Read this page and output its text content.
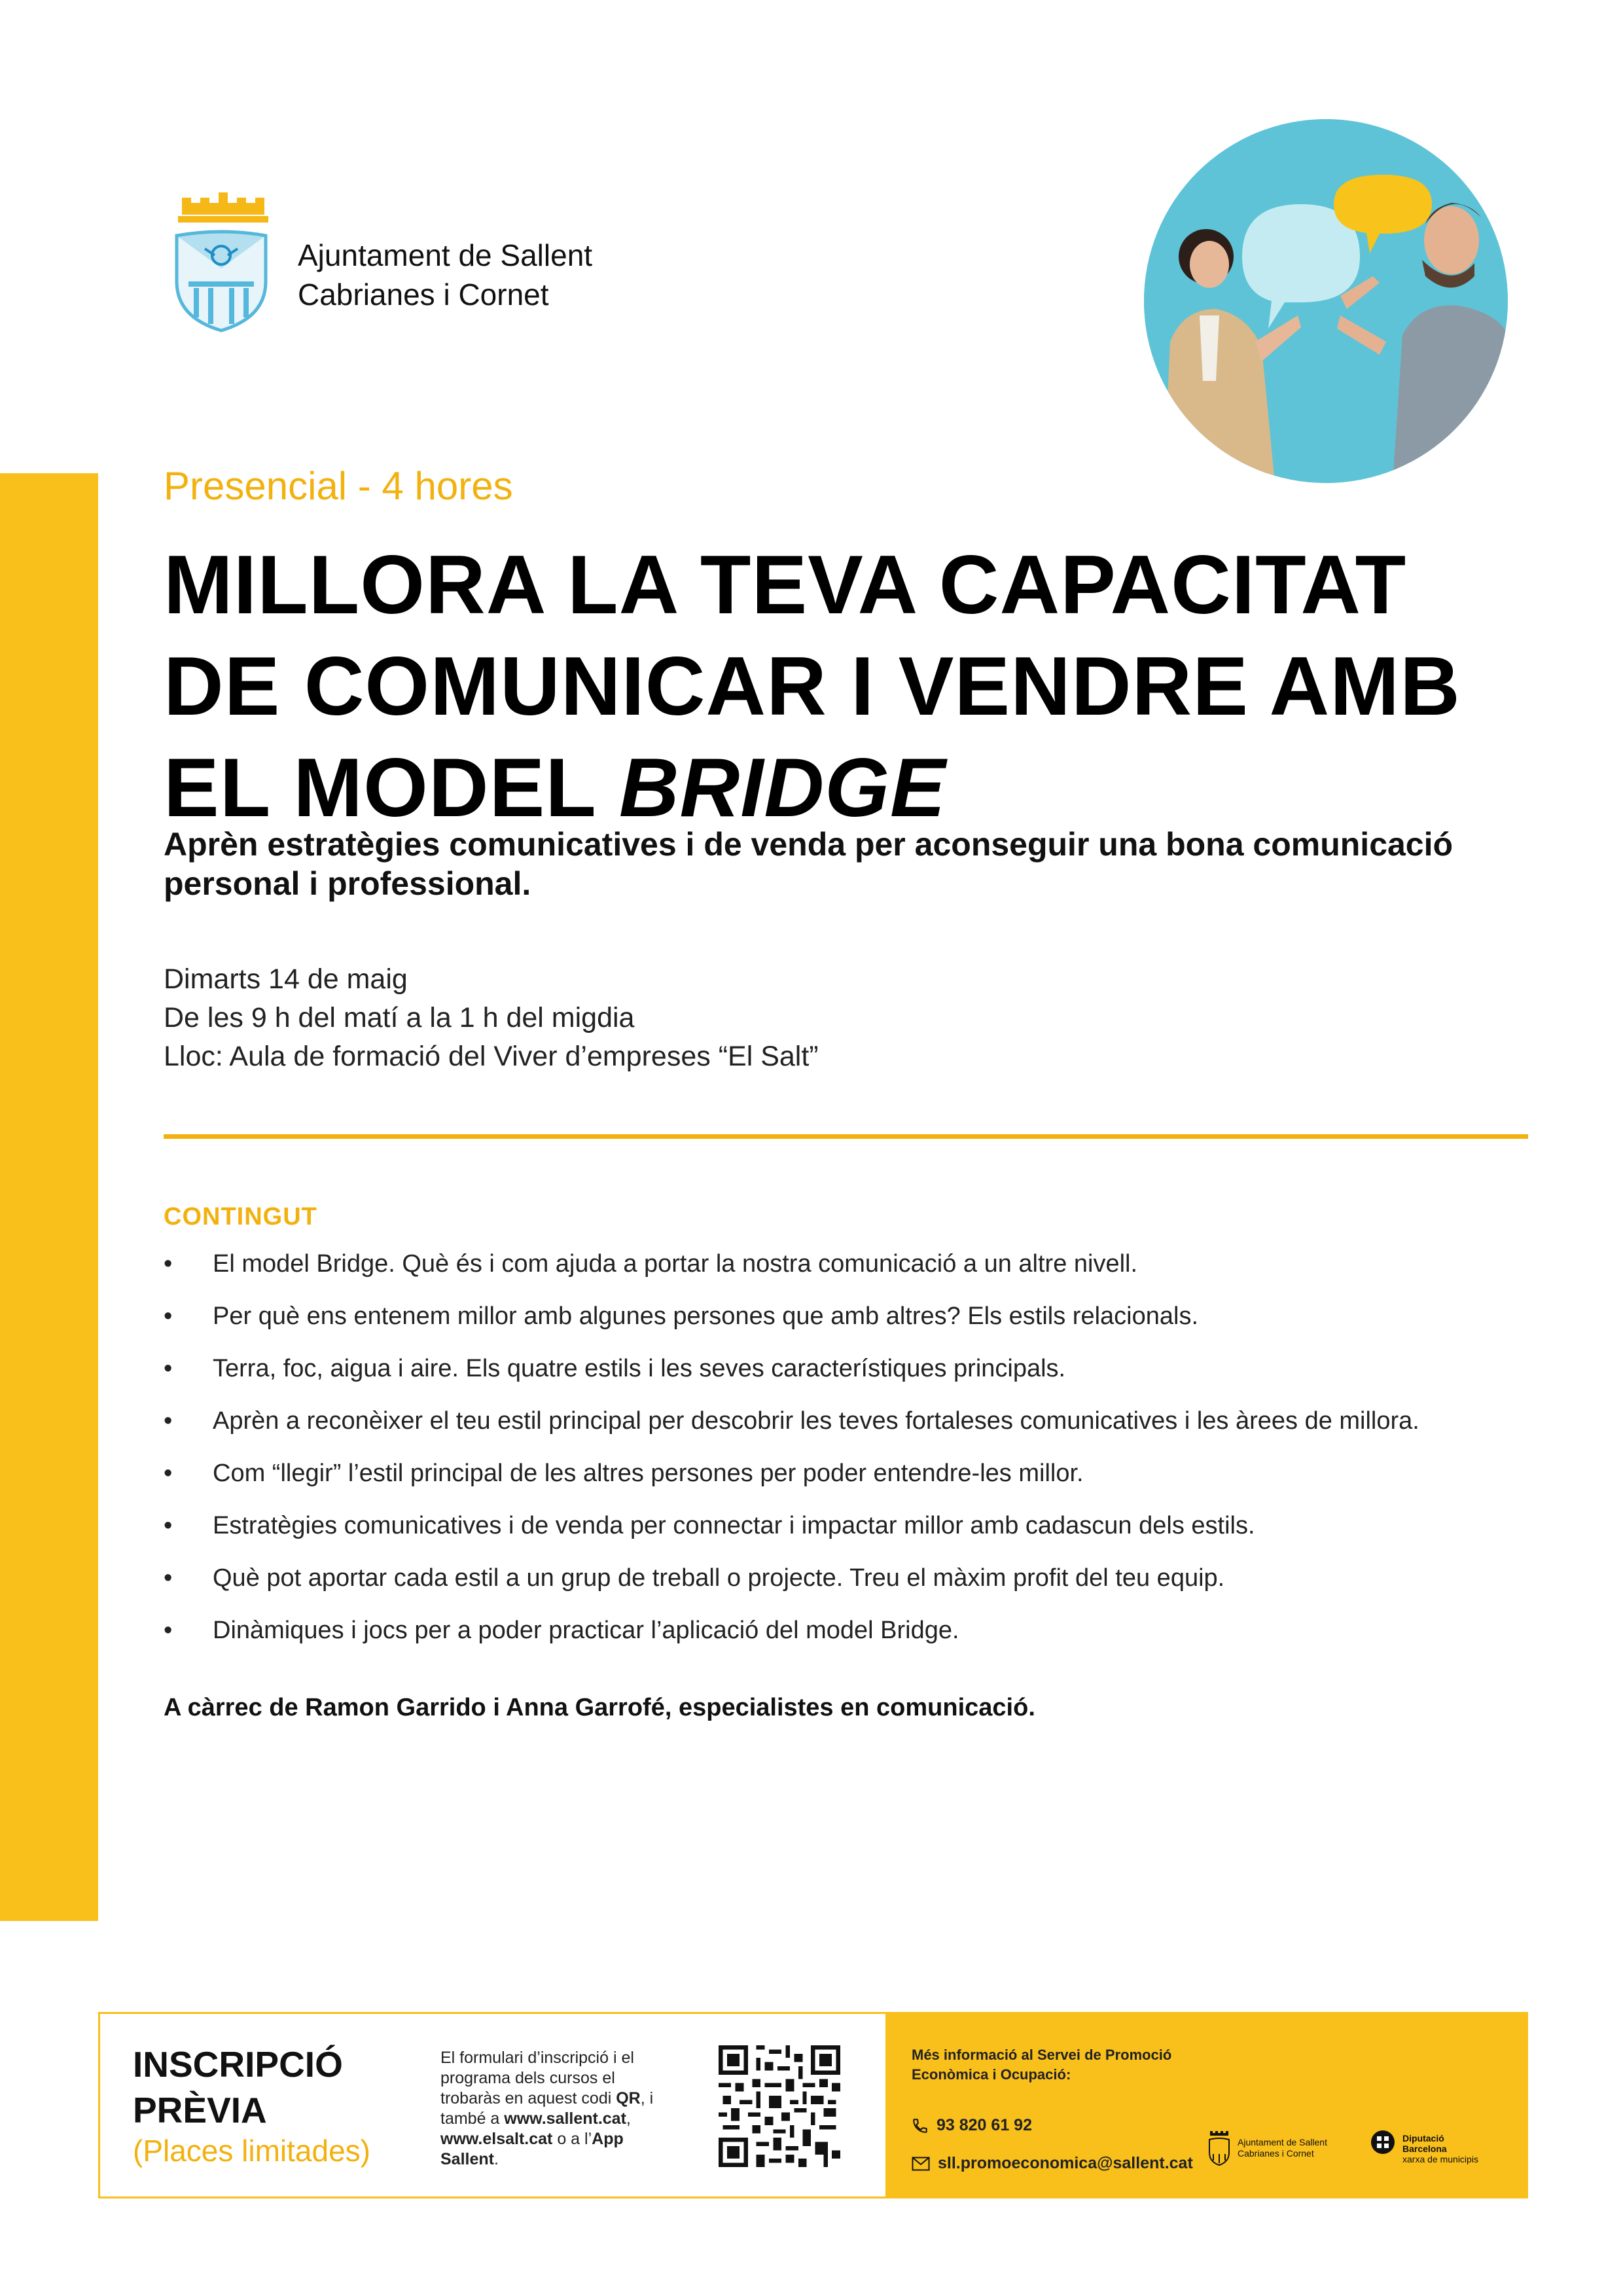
Ajuntament de Sallent
Cabrianes i Cornet
Presencial - 4 hores
MILLORA LA TEVA CAPACITAT
DE COMUNICAR I VENDRE AMB
EL MODEL BRIDGE
Aprèn estratègies comunicatives i de venda per aconseguir una bona comunicació personal i professional.
Dimarts 14 de maig
De les 9 h del matí a la 1 h del migdia
Lloc: Aula de formació del Viver d’empreses “El Salt”
CONTINGUT
• El model Bridge. Què és i com ajuda a portar la nostra comunicació a un altre nivell.
• Per què ens entenem millor amb algunes persones que amb altres? Els estils relacionals.
• Terra, foc, aigua i aire. Els quatre estils i les seves característiques principals.
• Aprèn a reconèixer el teu estil principal per descobrir les teves fortaleses comunicatives i les àrees de millora.
• Com “llegir” l’estil principal de les altres persones per poder entendre-les millor.
• Estratègies comunicatives i de venda per connectar i impactar millor amb cadascun dels estils.
• Què pot aportar cada estil a un grup de treball o projecte. Treu el màxim profit del teu equip.
• Dinàmiques i jocs per a poder practicar l’aplicació del model Bridge.
A càrrec de Ramon Garrido i Anna Garrofé, especialistes en comunicació.
INSCRIPCIÓ
PRÈVIA
(Places limitades)
El formulari d’inscripció i el programa dels cursos el trobaràs en aquest codi QR, i també a www.sallent.cat, www.elsalt.cat o a l’App Sallent.
Més informació al Servei de Promoció Econòmica i Ocupació:
93 820 61 92
sll.promoeconomica@sallent.cat
Ajuntament de Sallent
Cabrianes i Cornet
Diputació
Barcelona
xarxa de municipis
